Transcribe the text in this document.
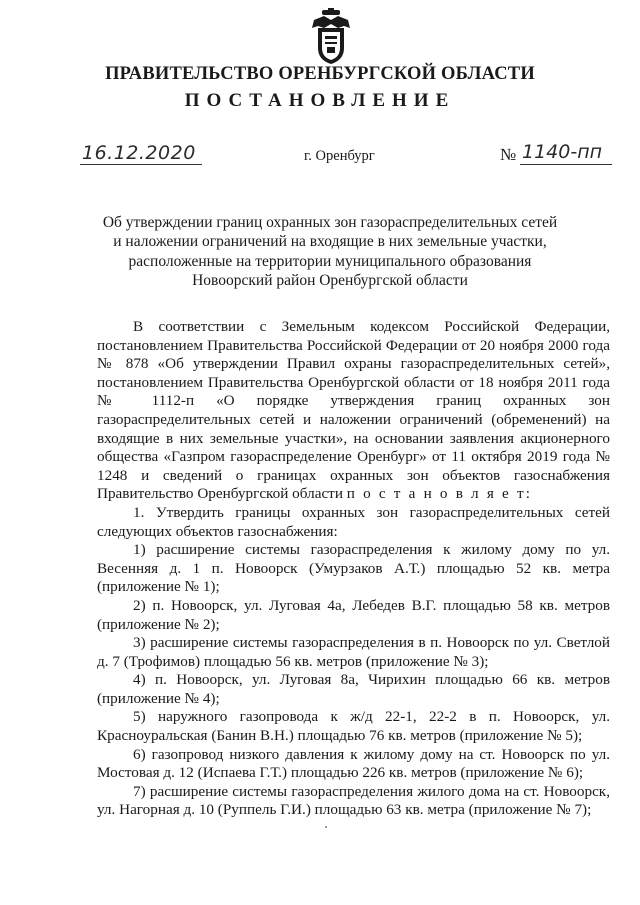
ПРАВИТЕЛЬСТВО ОРЕНБУРГСКОЙ ОБЛАСТИ
ПОСТАНОВЛЕНИЕ
16.12.2020	г. Оренбург	№ 1140-пп
Об утверждении границ охранных зон газораспределительных сетей
и наложении ограничений на входящие в них земельные участки,
расположенные на территории муниципального образования
Новоорский район Оренбургской области

В соответствии с Земельным кодексом Российской Федерации, постановлением Правительства Российской Федерации от 20 ноября 2000 года № 878 «Об утверждении Правил охраны газораспределительных сетей», постановлением Правительства Оренбургской области от 18 ноября 2011 года № 1112-п «О порядке утверждения границ охранных зон газораспределительных сетей и наложении ограничений (обременений) на входящие в них земельные участки», на основании заявления акционерного общества «Газпром газораспределение Оренбург» от 11 октября 2019 года № 1248 и сведений о границах охранных зон объектов газоснабжения Правительство Оренбургской области п о с т а н о в л я е т:

1. Утвердить границы охранных зон газораспределительных сетей следующих объектов газоснабжения:

1) расширение системы газораспределения к жилому дому по ул. Весенняя д. 1 п. Новоорск (Умурзаков А.Т.) площадью 52 кв. метра (приложение № 1);

2) п. Новоорск, ул. Луговая 4а, Лебедев В.Г. площадью 58 кв. метров (приложение № 2);

3) расширение системы газораспределения в п. Новоорск по ул. Светлой д. 7 (Трофимов) площадью 56 кв. метров (приложение № 3);

4) п. Новоорск, ул. Луговая 8а, Чирихин площадью 66 кв. метров (приложение № 4);

5) наружного газопровода к ж/д 22-1, 22-2 в п. Новоорск, ул. Красноуральская (Банин В.Н.) площадью 76 кв. метров (приложение № 5);

6) газопровод низкого давления к жилому дому на ст. Новоорск по ул. Мостовая д. 12 (Испаева Г.Т.) площадью 226 кв. метров (приложение № 6);

7) расширение системы газораспределения жилого дома на ст. Новоорск, ул. Нагорная д. 10 (Руппель Г.И.) площадью 63 кв. метра (приложение № 7);
